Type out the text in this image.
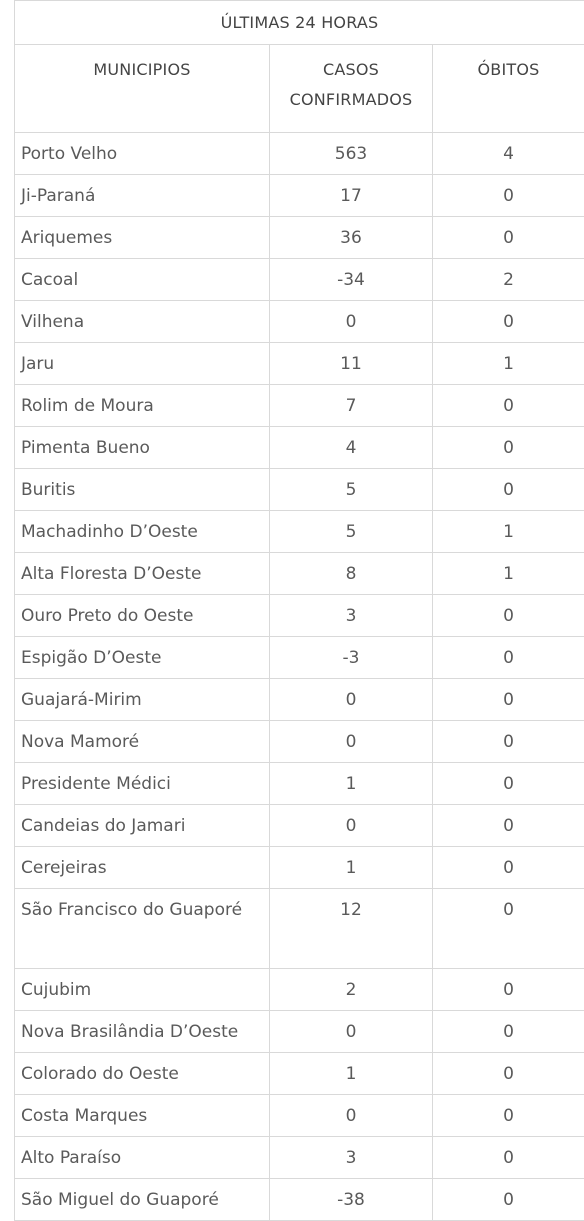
ÚLTIMAS 24 HORAS		
MUNICIPIOS	CASOS CONFIRMADOS	ÓBITOS
Porto Velho	563	4
Ji-Paraná	17	0
Ariquemes	36	0
Cacoal	-34	2
Vilhena	0	0
Jaru	11	1
Rolim de Moura	7	0
Pimenta Bueno	4	0
Buritis	5	0
Machadinho D’Oeste	5	1
Alta Floresta D’Oeste	8	1
Ouro Preto do Oeste	3	0
Espigão D’Oeste	-3	0
Guajará-Mirim	0	0
Nova Mamoré	0	0
Presidente Médici	1	0
Candeias do Jamari	0	0
Cerejeiras	1	0
São Francisco do Guaporé	12	0
Cujubim	2	0
Nova Brasilândia D’Oeste	0	0
Colorado do Oeste	1	0
Costa Marques	0	0
Alto Paraíso	3	0
São Miguel do Guaporé	-38	0
